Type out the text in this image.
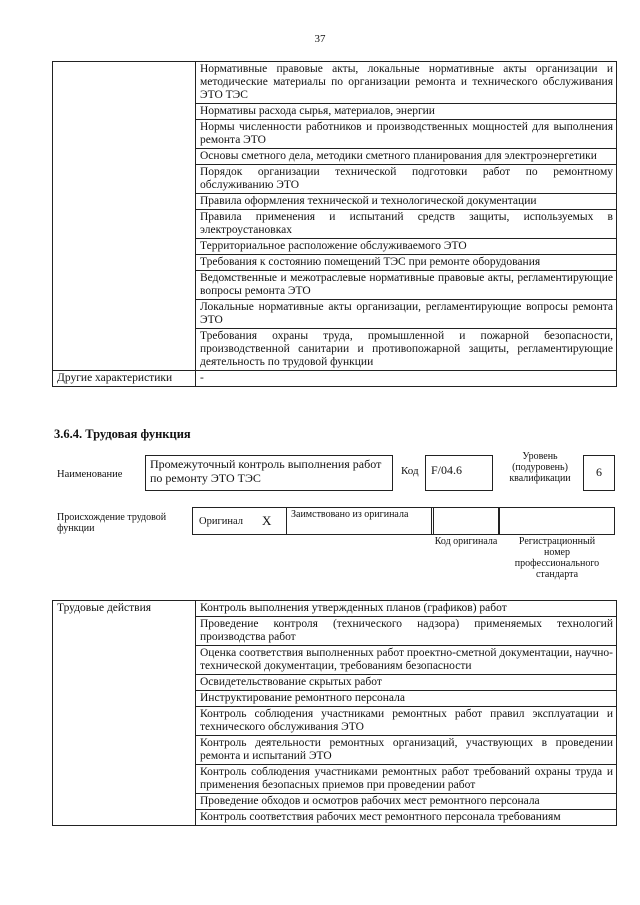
37
	Нормативные правовые акты, локальные нормативные акты организации и методические материалы по организации ремонта и технического обслуживания ЭТО ТЭС
	Нормативы расхода сырья, материалов, энергии
	Нормы численности работников и производственных мощностей для выполнения ремонта ЭТО
	Основы сметного дела, методики сметного планирования для электроэнергетики
	Порядок организации технической подготовки работ по ремонтному обслуживанию ЭТО
	Правила оформления технической и технологической документации
	Правила применения и испытаний средств защиты, используемых в электроустановках
	Территориальное расположение обслуживаемого ЭТО
	Требования к состоянию помещений ТЭС при ремонте оборудования
	Ведомственные и межотраслевые нормативные правовые акты, регламентирующие вопросы ремонта ЭТО
	Локальные нормативные акты организации, регламентирующие вопросы ремонта ЭТО
	Требования охраны труда, промышленной и пожарной безопасности, производственной санитарии и противопожарной защиты, регламентирующие деятельность по трудовой функции
Другие характеристики	-
3.6.4. Трудовая функция
Наименование
Промежуточный контроль выполнения работ по ремонту ЭТО ТЭС	Код	F/04.6
Уровень (подуровень) квалификации	6
Происхождение трудовой функции
Оригинал X Заимствовано из оригинала
Код оригинала	Регистрационный номер профессионального стандарта
Трудовые действия	Контроль выполнения утвержденных планов (графиков) работ
Проведение контроля (технического надзора) применяемых технологий производства работ
Оценка соответствия выполненных работ проектно-сметной документации, научно-технической документации, требованиям безопасности
Освидетельствование скрытых работ
Инструктирование ремонтного персонала
Контроль соблюдения участниками ремонтных работ правил эксплуатации и технического обслуживания ЭТО
Контроль деятельности ремонтных организаций, участвующих в проведении ремонта и испытаний ЭТО
Контроль соблюдения участниками ремонтных работ требований охраны труда и применения безопасных приемов при проведении работ
Проведение обходов и осмотров рабочих мест ремонтного персонала
Контроль соответствия рабочих мест ремонтного персонала требованиям
